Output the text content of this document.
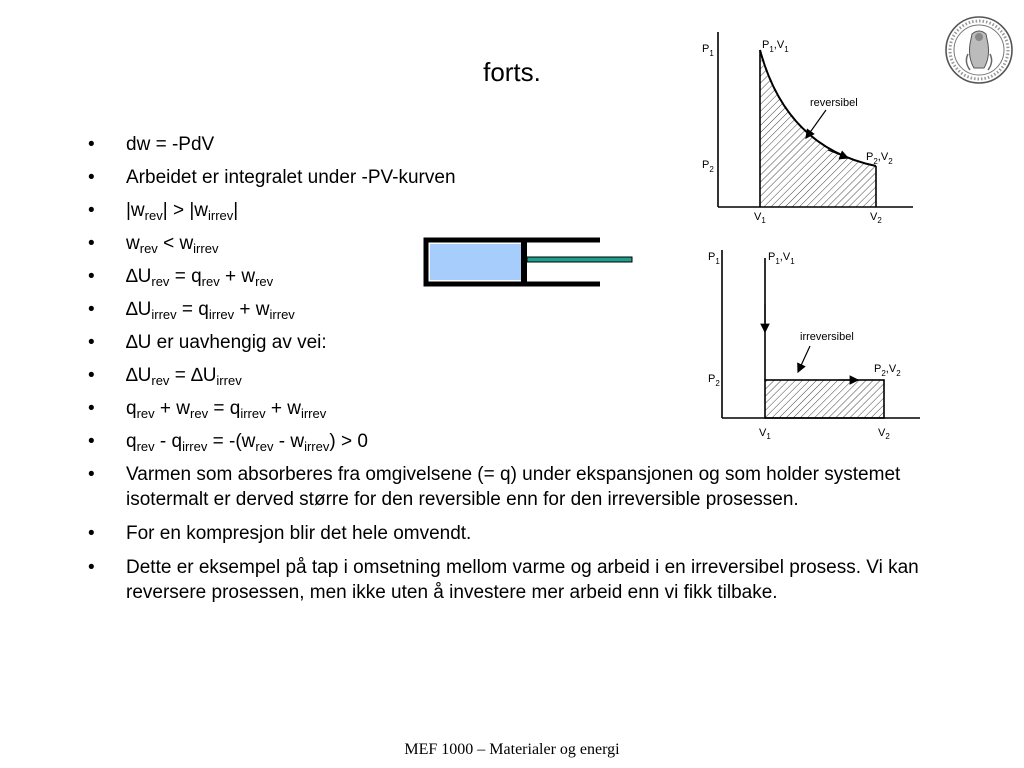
forts.
• dw = -PdV
• Arbeidet er integralet under -PV-kurven
• $|w_{rev}| > |w_{irrev}|$
• $w_{rev} < w_{irrev}$
• $\Delta U_{rev} = q_{rev} + w_{rev}$
• $\Delta U_{irrev} = q_{irrev} + w_{irrev}$
• ∆U er uavhengig av vei:
• $\Delta U_{rev} = \Delta U_{irrev}$
• $q_{rev} + w_{rev} = q_{irrev} + w_{irrev}$
• $q_{rev} - q_{irrev} = -(w_{rev} - w_{irrev}) > 0$
• Varmen som absorberes fra omgivelsene (= q) under ekspansjonen og som holder systemet isotermalt er derved større for den reversible enn for den irreversible prosessen.
• For en kompresjon blir det hele omvendt.
• Dette er eksempel på tap i omsetning mellom varme og arbeid i en irreversibel prosess. Vi kan reversere prosessen, men ikke uten å investere mer arbeid enn vi fikk tilbake.
reversibel
$P_1$
$P_2$
$V_1$	$V_2$
$P_1,V_1$
$P_2,V_2$
irreversibel
$P_1$
$P_2$
$V_1$	$V_2$
$P_1,V_1$
$P_2,V_2$
MEF 1000 – Materialer og energi
